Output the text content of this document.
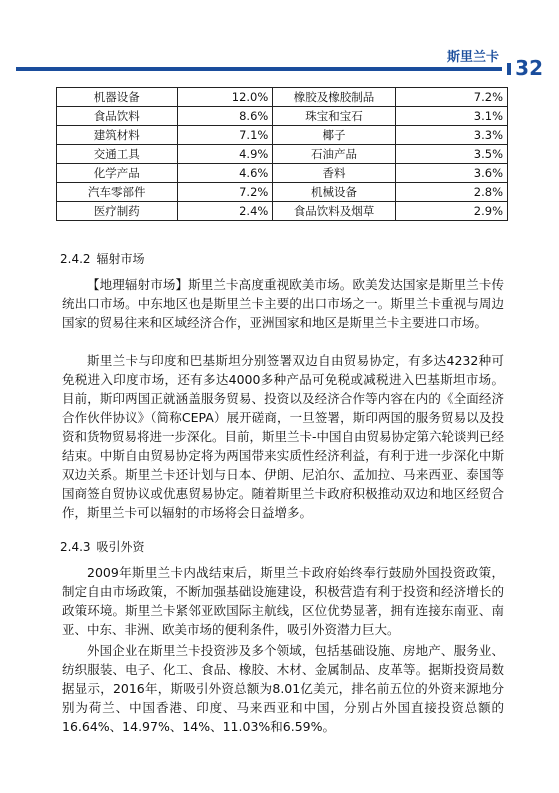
斯里兰卡 32
机器设备	12.0%	橡胶及橡胶制品	7.2%
食品饮料	8.6%	珠宝和宝石	3.1%
建筑材料	7.1%	椰子	3.3%
交通工具	4.9%	石油产品	3.5%
化学产品	4.6%	香料	3.6%
汽车零部件	7.2%	机械设备	2.8%
医疗制药	2.4%	食品饮料及烟草	2.9%
2.4.2 辐射市场

【地理辐射市场】斯里兰卡高度重视欧美市场。欧美发达国家是斯里兰卡传统出口市场。中东地区也是斯里兰卡主要的出口市场之一。斯里兰卡重视与周边国家的贸易往来和区域经济合作，亚洲国家和地区是斯里兰卡主要进口市场。

斯里兰卡与印度和巴基斯坦分别签署双边自由贸易协定，有多达4232种可免税进入印度市场，还有多达4000多种产品可免税或减税进入巴基斯坦市场。目前，斯印两国正就涵盖服务贸易、投资以及经济合作等内容在内的《全面经济合作伙伴协议》（简称CEPA）展开磋商，一旦签署，斯印两国的服务贸易以及投资和货物贸易将进一步深化。目前，斯里兰卡-中国自由贸易协定第六轮谈判已经结束。中斯自由贸易协定将为两国带来实质性经济利益，有利于进一步深化中斯双边关系。斯里兰卡还计划与日本、伊朗、尼泊尔、孟加拉、马来西亚、泰国等国商签自贸协议或优惠贸易协定。随着斯里兰卡政府积极推动双边和地区经贸合作，斯里兰卡可以辐射的市场将会日益增多。

2.4.3 吸引外资

2009年斯里兰卡内战结束后，斯里兰卡政府始终奉行鼓励外国投资政策，制定自由市场政策，不断加强基础设施建设，积极营造有利于投资和经济增长的政策环境。斯里兰卡紧邻亚欧国际主航线，区位优势显著，拥有连接东南亚、南亚、中东、非洲、欧美市场的便利条件，吸引外资潜力巨大。

外国企业在斯里兰卡投资涉及多个领域，包括基础设施、房地产、服务业、纺织服装、电子、化工、食品、橡胶、木材、金属制品、皮革等。据斯投资局数据显示，2016年，斯吸引外资总额为8.01亿美元，排名前五位的外资来源地分别为荷兰、中国香港、印度、马来西亚和中国，分别占外国直接投资总额的16.64%、14.97%、14%、11.03%和6.59%。
